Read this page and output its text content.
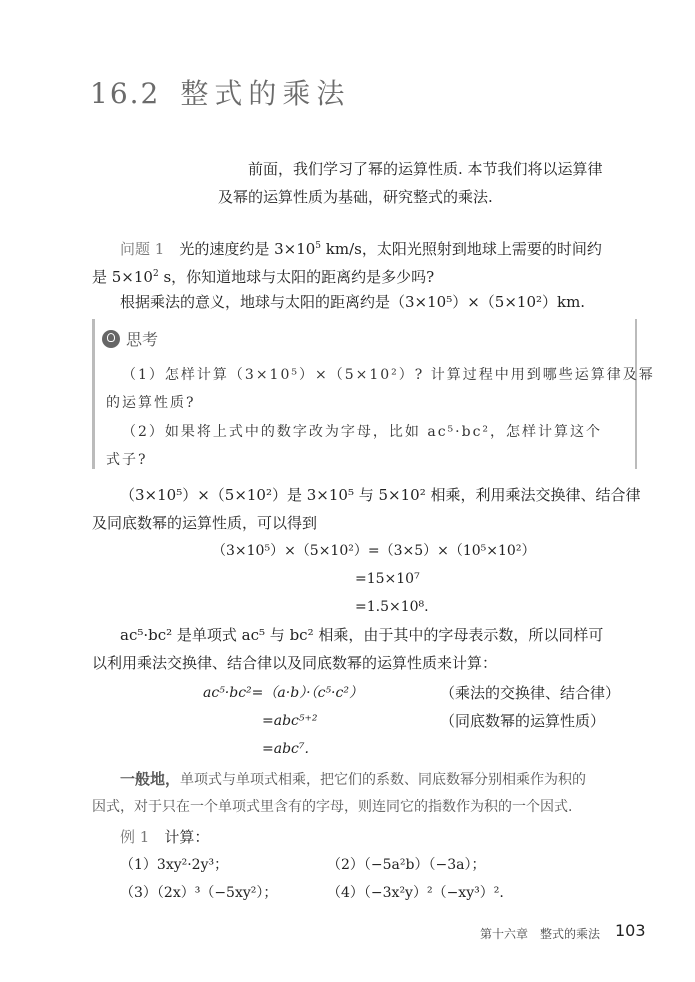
16.2 整式的乘法
前面，我们学习了幂的运算性质. 本节我们将以运算律
及幂的运算性质为基础，研究整式的乘法.
问题 1　 光的速度约是 $3\times 10^5$ km/s，太阳光照射到地球上需要的时间约
是 $5\times 10^2$ s，你知道地球与太阳的距离约是多少吗?
根据乘法的意义，地球与太阳的距离约是（3×10⁵）×（5×10²）km.
思考
（1）怎样计算（3×10⁵）×（5×10²）? 计算过程中用到哪些运算律及幂
的运算性质?
（2）如果将上式中的数字改为字母，比如 ac⁵·bc²，怎样计算这个
式子?
（3×10⁵）×（5×10²）是 3×10⁵ 与 5×10² 相乘，利用乘法交换律、结合律
及同底数幂的运算性质，可以得到
（3×10⁵）×（5×10²）=（3×5）×（10⁵×10²）
=15×10⁷
=1.5×10⁸.
ac⁵·bc² 是单项式 ac⁵ 与 bc² 相乘，由于其中的字母表示数，所以同样可
以利用乘法交换律、结合律以及同底数幂的运算性质来计算：
ac⁵·bc²=（a·b）·（c⁵·c²）	（乘法的交换律、结合律）
=abc⁵⁺²	（同底数幂的运算性质）
=abc⁷.
一般地，单项式与单项式相乘，把它们的系数、同底数幂分别相乘作为积的
因式，对于只在一个单项式里含有的字母，则连同它的指数作为积的一个因式.
例 1　 计算：
（1）3xy²·2y³；	（2）（−5a²b）（−3a）；
（3）（2x）³（−5xy²）；	（4）（−3x²y）²（−xy³）².
第十六章　整式的乘法 103
